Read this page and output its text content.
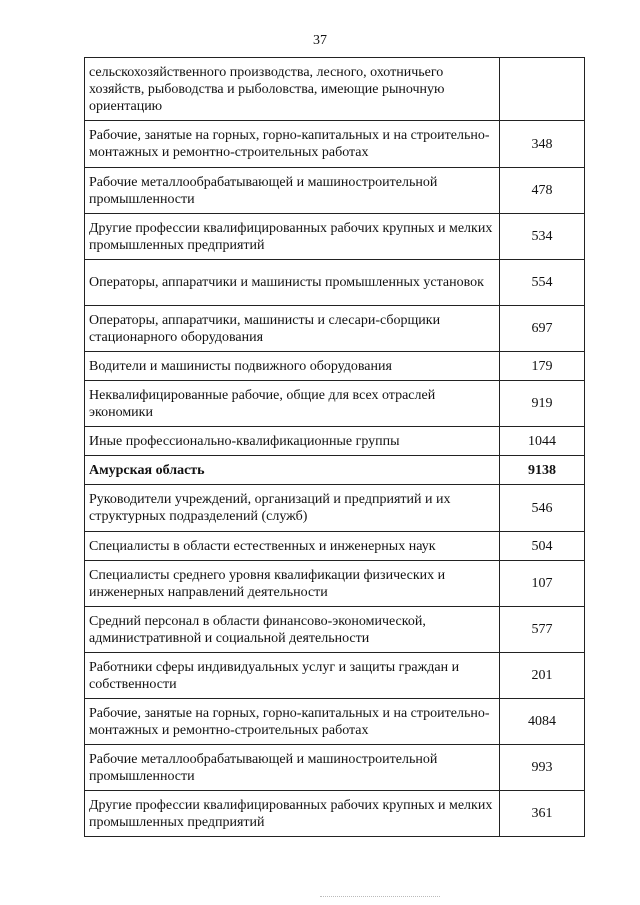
37
сельскохозяйственного производства, лесного, охотничьего хозяйств, рыбоводства и рыболовства, имеющие рыночную ориентацию	
Рабочие, занятые на горных, горно-капитальных и на строительно-монтажных и ремонтно-строительных работах	348
Рабочие металлообрабатывающей и машиностроительной промышленности	478
Другие профессии квалифицированных рабочих крупных и мелких промышленных предприятий	534
Операторы, аппаратчики и машинисты промышленных установок	554
Операторы, аппаратчики, машинисты и слесари-сборщики стационарного оборудования	697
Водители и машинисты подвижного оборудования	179
Неквалифицированные рабочие, общие для всех отраслей экономики	919
Иные профессионально-квалификационные группы	1044
Амурская область	9138
Руководители учреждений, организаций и предприятий и их структурных подразделений (служб)	546
Специалисты в области естественных и инженерных наук	504
Специалисты среднего уровня квалификации физических и инженерных направлений деятельности	107
Средний персонал в области финансово-экономической, административной и социальной деятельности	577
Работники сферы индивидуальных услуг и защиты граждан и собственности	201
Рабочие, занятые на горных, горно-капитальных и на строительно-монтажных и ремонтно-строительных работах	4084
Рабочие металлообрабатывающей и машиностроительной промышленности	993
Другие профессии квалифицированных рабочих крупных и мелких промышленных предприятий	361
